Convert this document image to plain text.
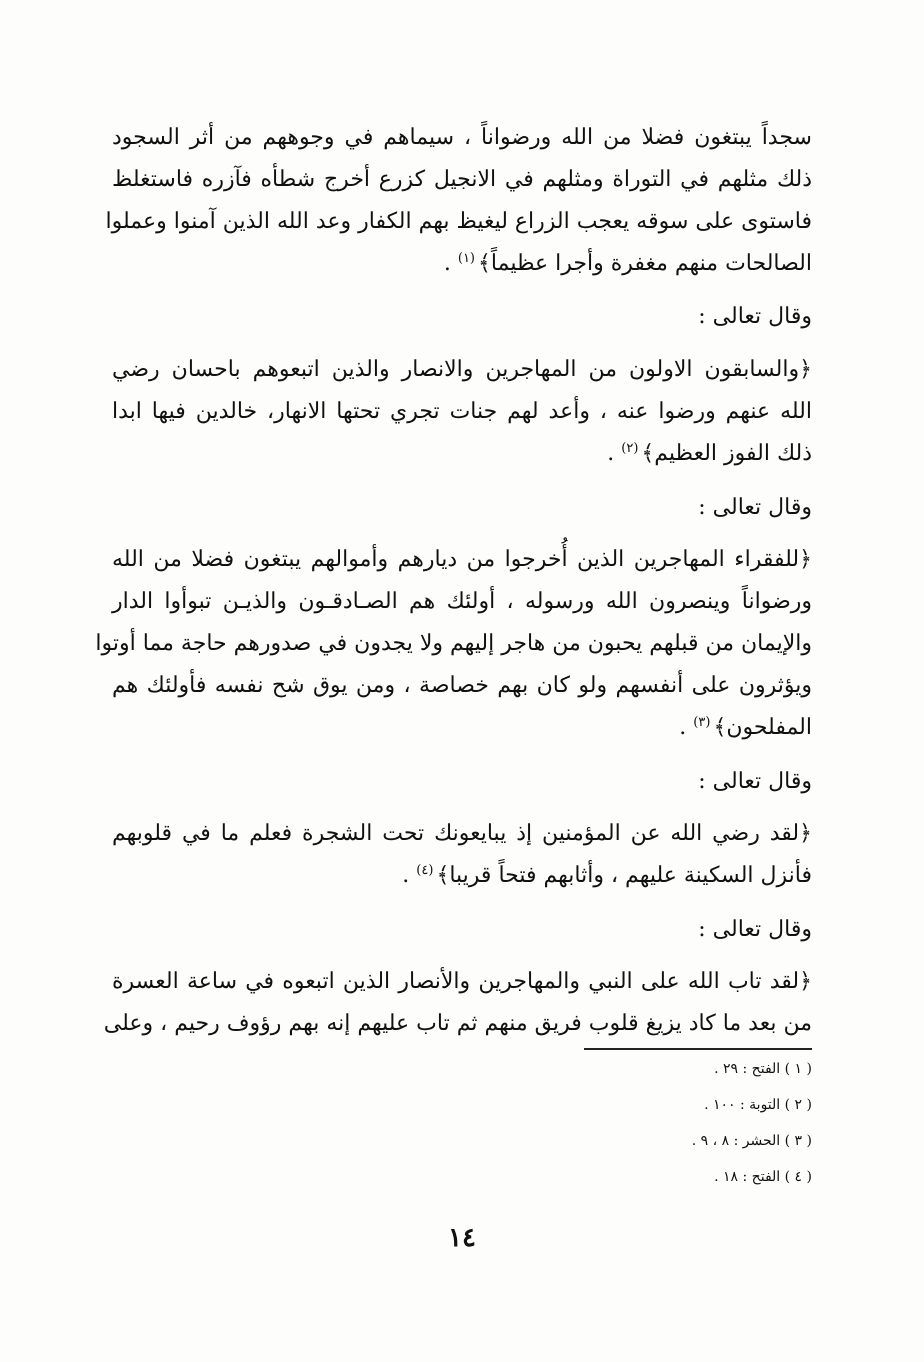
سجداً يبتغون فضلا من الله ورضواناً ، سيماهم في وجوههم من أثر السجود
ذلك مثلهم في التوراة ومثلهم في الانجيل كزرع أخرج شطأه فآزره فاستغلظ
فاستوى على سوقه يعجب الزراع ليغيظ بهم الكفار وعد الله الذين آمنوا وعملوا
الصالحات منهم مغفرة وأجرا عظيماً﴾$^{(١)}$ .
وقال تعالى :
﴿والسابقون الاولون من المهاجرين والانصار والذين اتبعوهم باحسان رضي
الله عنهم ورضوا عنه ، وأعد لهم جنات تجري تحتها الانهار، خالدين فيها ابدا
ذلك الفوز العظيم﴾$^{(٢)}$ .
وقال تعالى :
﴿للفقراء المهاجرين الذين أُخرجوا من ديارهم وأموالهم يبتغون فضلا من الله
ورضواناً وينصرون الله ورسوله ، أولئك هم الصـادقـون والذيـن تبوأوا الدار
والإيمان من قبلهم يحبون من هاجر إليهم ولا يجدون في صدورهم حاجة مما أوتوا
ويؤثرون على أنفسهم ولو كان بهم خصاصة ، ومن يوق شح نفسه فأولئك هم
المفلحون﴾$^{(٣)}$ .
وقال تعالى :
﴿لقد رضي الله عن المؤمنين إذ يبايعونك تحت الشجرة فعلم ما في قلوبهم
فأنزل السكينة عليهم ، وأثابهم فتحاً قريبا﴾$^{(٤)}$ .
وقال تعالى :
﴿لقد تاب الله على النبي والمهاجرين والأنصار الذين اتبعوه في ساعة العسرة
من بعد ما كاد يزيغ قلوب فريق منهم ثم تاب عليهم إنه بهم رؤوف رحيم ، وعلى
( ١ ) الفتح : ٢٩ .
( ٢ ) التوبة : ١٠٠ .
( ٣ ) الحشر : ٨ ، ٩ .
( ٤ ) الفتح : ١٨ .
١٤
